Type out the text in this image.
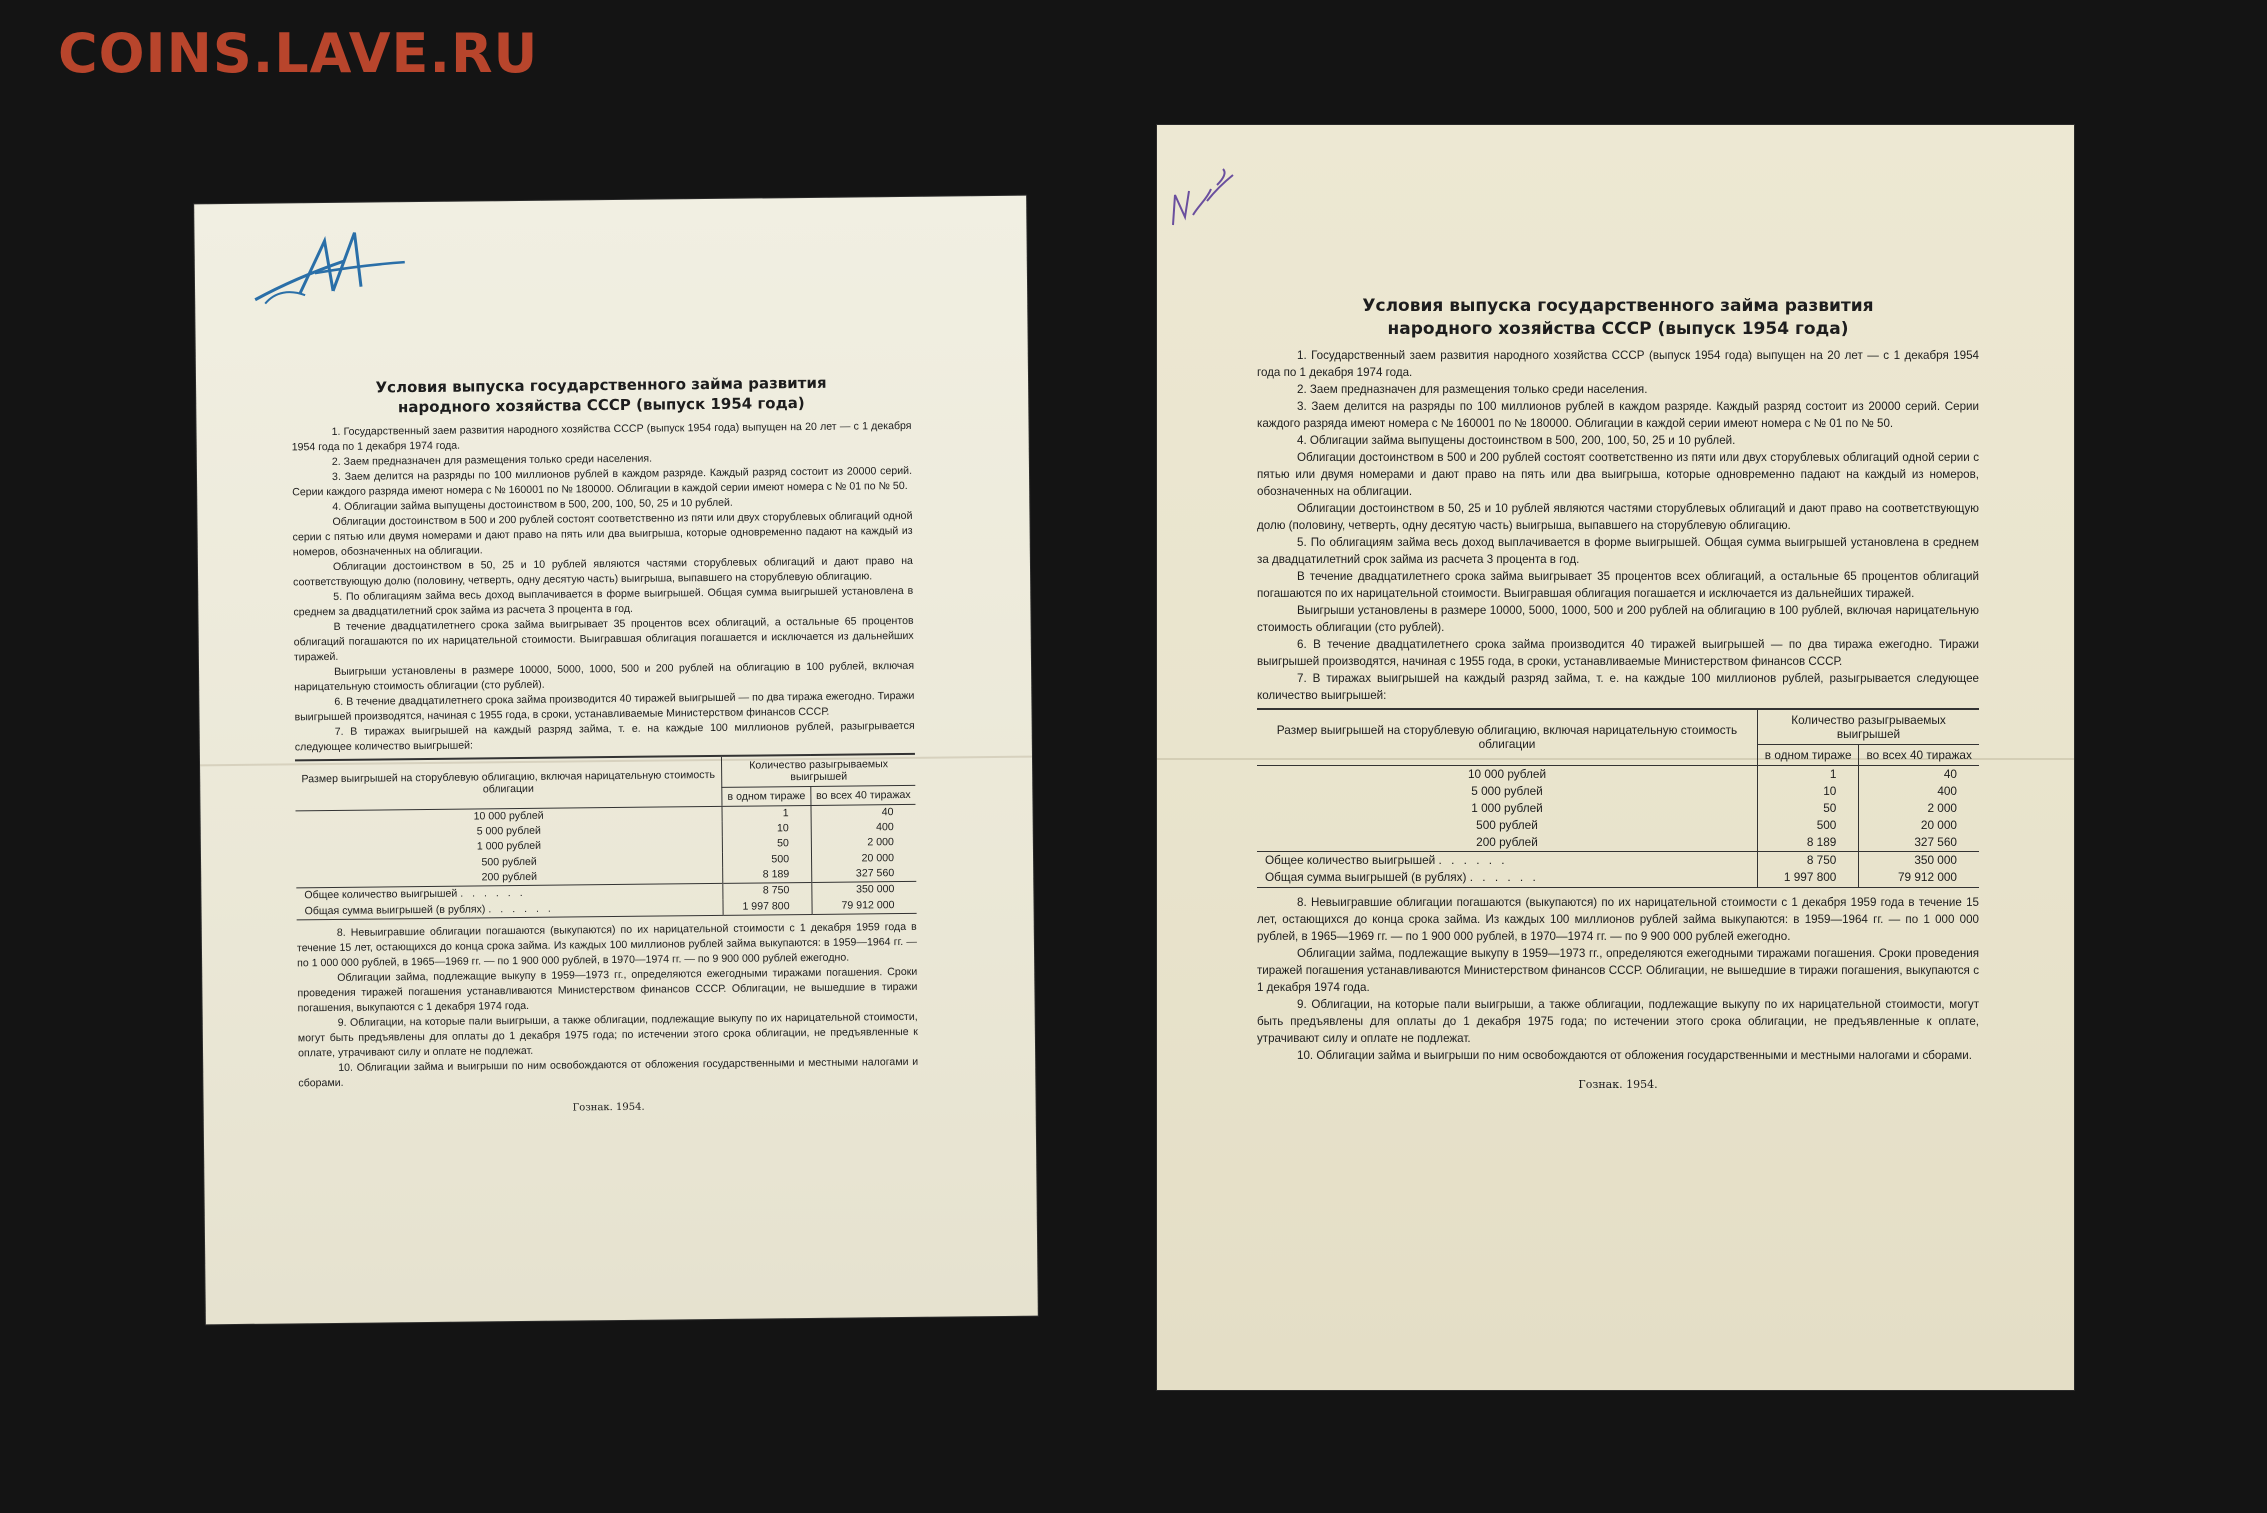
COINS.LAVE.RU
Условия выпуска государственного займа развития
народного хозяйства СССР (выпуск 1954 года)

1. Государственный заем развития народного хозяйства СССР (выпуск 1954 года) выпущен на 20 лет — с 1 декабря 1954 года по 1 декабря 1974 года.

2. Заем предназначен для размещения только среди населения.

3. Заем делится на разряды по 100 миллионов рублей в каждом разряде. Каждый разряд состоит из 20000 серий. Серии каждого разряда имеют номера с № 160001 по № 180000. Облигации в каждой серии имеют номера с № 01 по № 50.

4. Облигации займа выпущены достоинством в 500, 200, 100, 50, 25 и 10 рублей.

Облигации достоинством в 500 и 200 рублей состоят соответственно из пяти или двух сторублевых облигаций одной серии с пятью или двумя номерами и дают право на пять или два выигрыша, которые одновременно падают на каждый из номеров, обозначенных на облигации.

Облигации достоинством в 50, 25 и 10 рублей являются частями сторублевых облигаций и дают право на соответствующую долю (половину, четверть, одну десятую часть) выигрыша, выпавшего на сторублевую облигацию.

5. По облигациям займа весь доход выплачивается в форме выигрышей. Общая сумма выигрышей установлена в среднем за двадцатилетний срок займа из расчета 3 процента в год.

В течение двадцатилетнего срока займа выигрывает 35 процентов всех облигаций, а остальные 65 процентов облигаций погашаются по их нарицательной стоимости. Выигравшая облигация погашается и исключается из дальнейших тиражей.

Выигрыши установлены в размере 10000, 5000, 1000, 500 и 200 рублей на облигацию в 100 рублей, включая нарицательную стоимость облигации (сто рублей).

6. В течение двадцатилетнего срока займа производится 40 тиражей выигрышей — по два тиража ежегодно. Тиражи выигрышей производятся, начиная с 1955 года, в сроки, устанавливаемые Министерством финансов СССР.

7. В тиражах выигрышей на каждый разряд займа, т. е. на каждые 100 миллионов рублей, разыгрывается следующее количество выигрышей:

Размер выигрышей на сторублевую облигацию, включая нарицательную стоимость облигации	Количество разыгрываемых выигрышей	
	в одном тираже	во всех 40 тиражах
10 000 рублей	1	40
5 000 рублей	10	400
1 000 рублей	50	2 000
500 рублей	500	20 000
200 рублей	8 189	327 560
Общее количество выигрышей . . . . . .	8 750	350 000
Общая сумма выигрышей (в рублях) . . . . . .	1 997 800	79 912 000

8. Невыигравшие облигации погашаются (выкупаются) по их нарицательной стоимости с 1 декабря 1959 года в течение 15 лет, остающихся до конца срока займа. Из каждых 100 миллионов рублей займа выкупаются: в 1959—1964 гг. — по 1 000 000 рублей, в 1965—1969 гг. — по 1 900 000 рублей, в 1970—1974 гг. — по 9 900 000 рублей ежегодно.

Облигации займа, подлежащие выкупу в 1959—1973 гг., определяются ежегодными тиражами погашения. Сроки проведения тиражей погашения устанавливаются Министерством финансов СССР. Облигации, не вышедшие в тиражи погашения, выкупаются с 1 декабря 1974 года.

9. Облигации, на которые пали выигрыши, а также облигации, подлежащие выкупу по их нарицательной стоимости, могут быть предъявлены для оплаты до 1 декабря 1975 года; по истечении этого срока облигации, не предъявленные к оплате, утрачивают силу и оплате не подлежат.

10. Облигации займа и выигрыши по ним освобождаются от обложения государственными и местными налогами и сборами.

Гознак. 1954.
Условия выпуска государственного займа развития
народного хозяйства СССР (выпуск 1954 года)

1. Государственный заем развития народного хозяйства СССР (выпуск 1954 года) выпущен на 20 лет — с 1 декабря 1954 года по 1 декабря 1974 года.

2. Заем предназначен для размещения только среди населения.

3. Заем делится на разряды по 100 миллионов рублей в каждом разряде. Каждый разряд состоит из 20000 серий. Серии каждого разряда имеют номера с № 160001 по № 180000. Облигации в каждой серии имеют номера с № 01 по № 50.

4. Облигации займа выпущены достоинством в 500, 200, 100, 50, 25 и 10 рублей.

Облигации достоинством в 500 и 200 рублей состоят соответственно из пяти или двух сторублевых облигаций одной серии с пятью или двумя номерами и дают право на пять или два выигрыша, которые одновременно падают на каждый из номеров, обозначенных на облигации.

Облигации достоинством в 50, 25 и 10 рублей являются частями сторублевых облигаций и дают право на соответствующую долю (половину, четверть, одну десятую часть) выигрыша, выпавшего на сторублевую облигацию.

5. По облигациям займа весь доход выплачивается в форме выигрышей. Общая сумма выигрышей установлена в среднем за двадцатилетний срок займа из расчета 3 процента в год.

В течение двадцатилетнего срока займа выигрывает 35 процентов всех облигаций, а остальные 65 процентов облигаций погашаются по их нарицательной стоимости. Выигравшая облигация погашается и исключается из дальнейших тиражей.

Выигрыши установлены в размере 10000, 5000, 1000, 500 и 200 рублей на облигацию в 100 рублей, включая нарицательную стоимость облигации (сто рублей).

6. В течение двадцатилетнего срока займа производится 40 тиражей выигрышей — по два тиража ежегодно. Тиражи выигрышей производятся, начиная с 1955 года, в сроки, устанавливаемые Министерством финансов СССР.

7. В тиражах выигрышей на каждый разряд займа, т. е. на каждые 100 миллионов рублей, разыгрывается следующее количество выигрышей:

Размер выигрышей на сторублевую облигацию, включая нарицательную стоимость облигации	Количество разыгрываемых выигрышей	
	в одном тираже	во всех 40 тиражах
10 000 рублей	1	40
5 000 рублей	10	400
1 000 рублей	50	2 000
500 рублей	500	20 000
200 рублей	8 189	327 560
Общее количество выигрышей . . . . . .	8 750	350 000
Общая сумма выигрышей (в рублях) . . . . . .	1 997 800	79 912 000

8. Невыигравшие облигации погашаются (выкупаются) по их нарицательной стоимости с 1 декабря 1959 года в течение 15 лет, остающихся до конца срока займа. Из каждых 100 миллионов рублей займа выкупаются: в 1959—1964 гг. — по 1 000 000 рублей, в 1965—1969 гг. — по 1 900 000 рублей, в 1970—1974 гг. — по 9 900 000 рублей ежегодно.

Облигации займа, подлежащие выкупу в 1959—1973 гг., определяются ежегодными тиражами погашения. Сроки проведения тиражей погашения устанавливаются Министерством финансов СССР. Облигации, не вышедшие в тиражи погашения, выкупаются с 1 декабря 1974 года.

9. Облигации, на которые пали выигрыши, а также облигации, подлежащие выкупу по их нарицательной стоимости, могут быть предъявлены для оплаты до 1 декабря 1975 года; по истечении этого срока облигации, не предъявленные к оплате, утрачивают силу и оплате не подлежат.

10. Облигации займа и выигрыши по ним освобождаются от обложения государственными и местными налогами и сборами.

Гознак. 1954.
